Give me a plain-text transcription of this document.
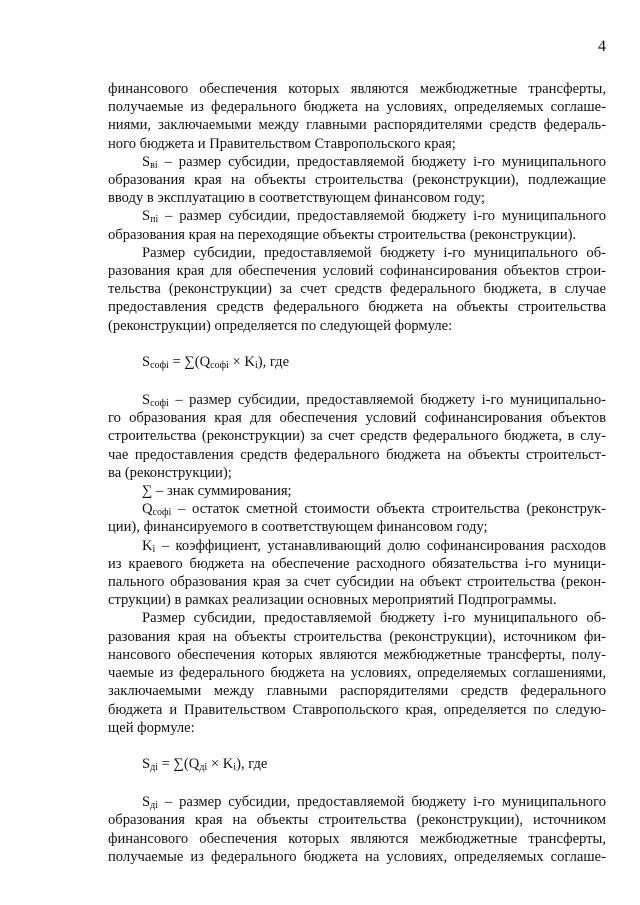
4

финансового обеспечения которых являются межбюджетные трансферты,
получаемые из федерального бюджета на условиях, определяемых соглаше-
ниями, заключаемыми между главными распорядителями средств федераль-
ного бюджета и Правительством Ставропольского края;

$S_{вi}$ – размер субсидии, предоставляемой бюджету i-го муниципального
образования края на объекты строительства (реконструкции), подлежащие
вводу в эксплуатацию в соответствующем финансовом году;

$S_{пi}$ – размер субсидии, предоставляемой бюджету i-го муниципального
образования края на переходящие объекты строительства (реконструкции).

Размер субсидии, предоставляемой бюджету i-го муниципального об-
разования края для обеспечения условий софинансирования объектов строи-
тельства (реконструкции) за счет средств федерального бюджета, в случае
предоставления средств федерального бюджета на объекты строительства
(реконструкции) определяется по следующей формуле:

$S_{софi} = \sum(Q_{софi} \times K_i)$, где

$S_{софi}$ – размер субсидии, предоставляемой бюджету i-го муниципально-
го образования края для обеспечения условий софинансирования объектов
строительства (реконструкции) за счет средств федерального бюджета, в слу-
чае предоставления средств федерального бюджета на объекты строительст-
ва (реконструкции);

∑ – знак суммирования;

$Q_{софi}$ – остаток сметной стоимости объекта строительства (реконструк-
ции), финансируемого в соответствующем финансовом году;

$K_i$ – коэффициент, устанавливающий долю софинансирования расходов
из краевого бюджета на обеспечение расходного обязательства i-го муници-
пального образования края за счет субсидии на объект строительства (рекон-
струкции) в рамках реализации основных мероприятий Подпрограммы.

Размер субсидии, предоставляемой бюджету i-го муниципального об-
разования края на объекты строительства (реконструкции), источником фи-
нансового обеспечения которых являются межбюджетные трансферты, полу-
чаемые из федерального бюджета на условиях, определяемых соглашениями,
заключаемыми между главными распорядителями средств федерального
бюджета и Правительством Ставропольского края, определяется по следую-
щей формуле:

$S_{дi} = \sum(Q_{дi} \times K_i)$, где

$S_{дi}$ – размер субсидии, предоставляемой бюджету i-го муниципального
образования края на объекты строительства (реконструкции), источником
финансового обеспечения которых являются межбюджетные трансферты,
получаемые из федерального бюджета на условиях, определяемых соглаше-
